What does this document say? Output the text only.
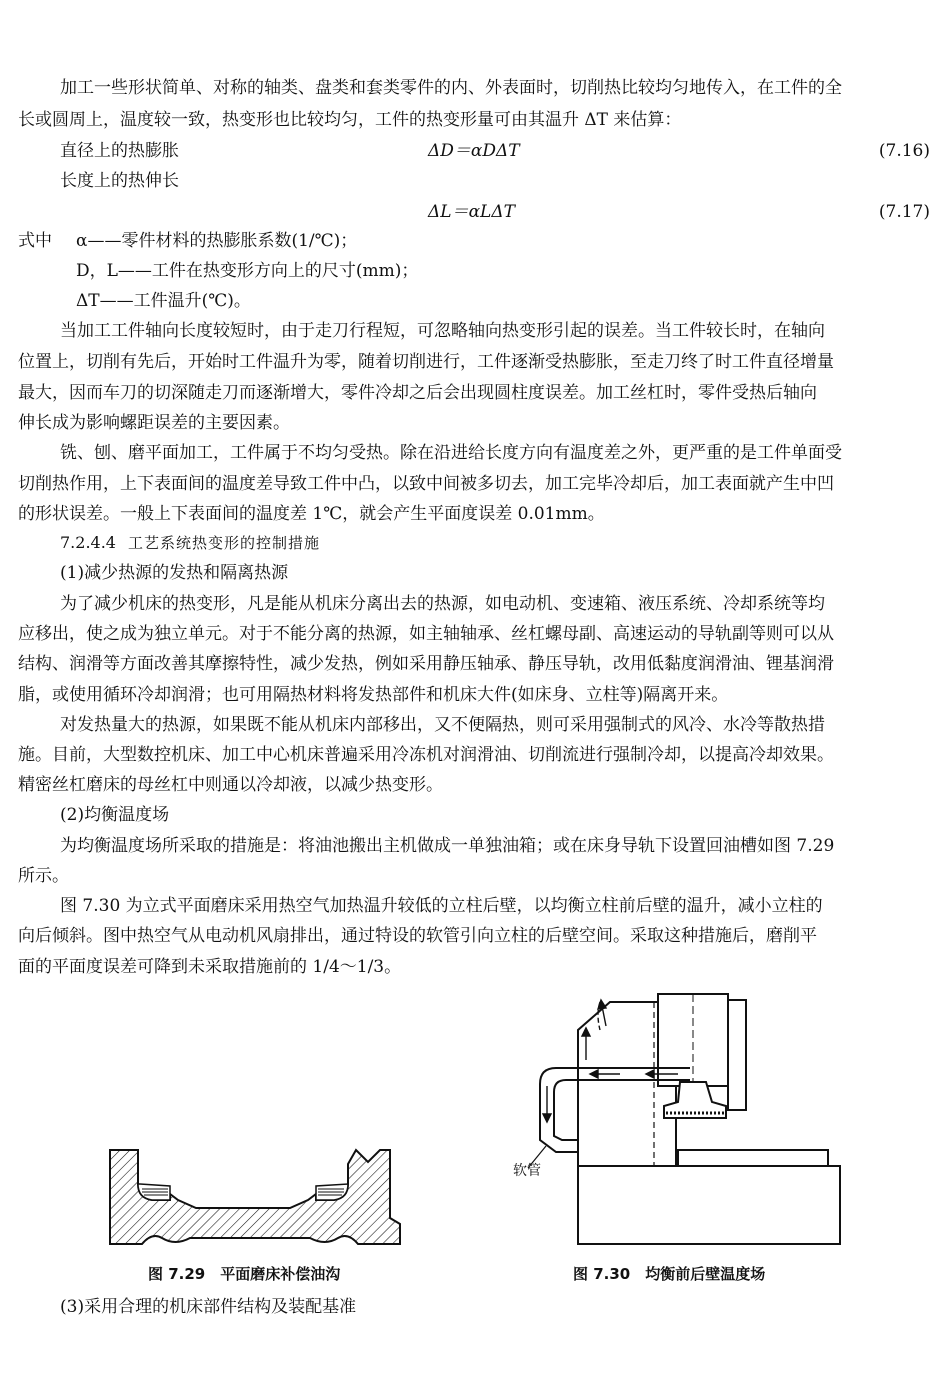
加工一些形状简单、对称的轴类、盘类和套类零件的内、外表面时，切削热比较均匀地传入，在工件的全
长或圆周上，温度较一致，热变形也比较均匀，工件的热变形量可由其温升 ΔT 来估算：
直径上的热膨胀	ΔD＝αDΔT	(7.16)
长度上的热伸长
ΔL＝αLΔT	(7.17)
式中 α——零件材料的热膨胀系数(1/℃)；
D，L——工件在热变形方向上的尺寸(mm)；
ΔT——工件温升(℃)。
当加工工件轴向长度较短时，由于走刀行程短，可忽略轴向热变形引起的误差。当工件较长时，在轴向
位置上，切削有先后，开始时工件温升为零，随着切削进行，工件逐渐受热膨胀，至走刀终了时工件直径增量
最大，因而车刀的切深随走刀而逐渐增大，零件冷却之后会出现圆柱度误差。加工丝杠时，零件受热后轴向
伸长成为影响螺距误差的主要因素。
铣、刨、磨平面加工，工件属于不均匀受热。除在沿进给长度方向有温度差之外，更严重的是工件单面受
切削热作用，上下表面间的温度差导致工件中凸，以致中间被多切去，加工完毕冷却后，加工表面就产生中凹
的形状误差。一般上下表面间的温度差 1℃，就会产生平面度误差 0.01mm。
7.2.4.4 工艺系统热变形的控制措施
(1)减少热源的发热和隔离热源
为了减少机床的热变形，凡是能从机床分离出去的热源，如电动机、变速箱、液压系统、冷却系统等均
应移出，使之成为独立单元。对于不能分离的热源，如主轴轴承、丝杠螺母副、高速运动的导轨副等则可以从
结构、润滑等方面改善其摩擦特性，减少发热，例如采用静压轴承、静压导轨，改用低黏度润滑油、锂基润滑
脂，或使用循环冷却润滑；也可用隔热材料将发热部件和机床大件(如床身、立柱等)隔离开来。
对发热量大的热源，如果既不能从机床内部移出，又不便隔热，则可采用强制式的风冷、水冷等散热措
施。目前，大型数控机床、加工中心机床普遍采用冷冻机对润滑油、切削流进行强制冷却，以提高冷却效果。
精密丝杠磨床的母丝杠中则通以冷却液，以减少热变形。
(2)均衡温度场
为均衡温度场所采取的措施是：将油池搬出主机做成一单独油箱；或在床身导轨下设置回油槽如图 7.29
所示。
图 7.30 为立式平面磨床采用热空气加热温升较低的立柱后壁，以均衡立柱前后壁的温升，减小立柱的
向后倾斜。图中热空气从电动机风扇排出，通过特设的软管引向立柱的后壁空间。采取这种措施后，磨削平
面的平面度误差可降到未采取措施前的 1/4～1/3。
图 7.29　平面磨床补偿油沟
软管
图 7.30　均衡前后壁温度场
(3)采用合理的机床部件结构及装配基准
